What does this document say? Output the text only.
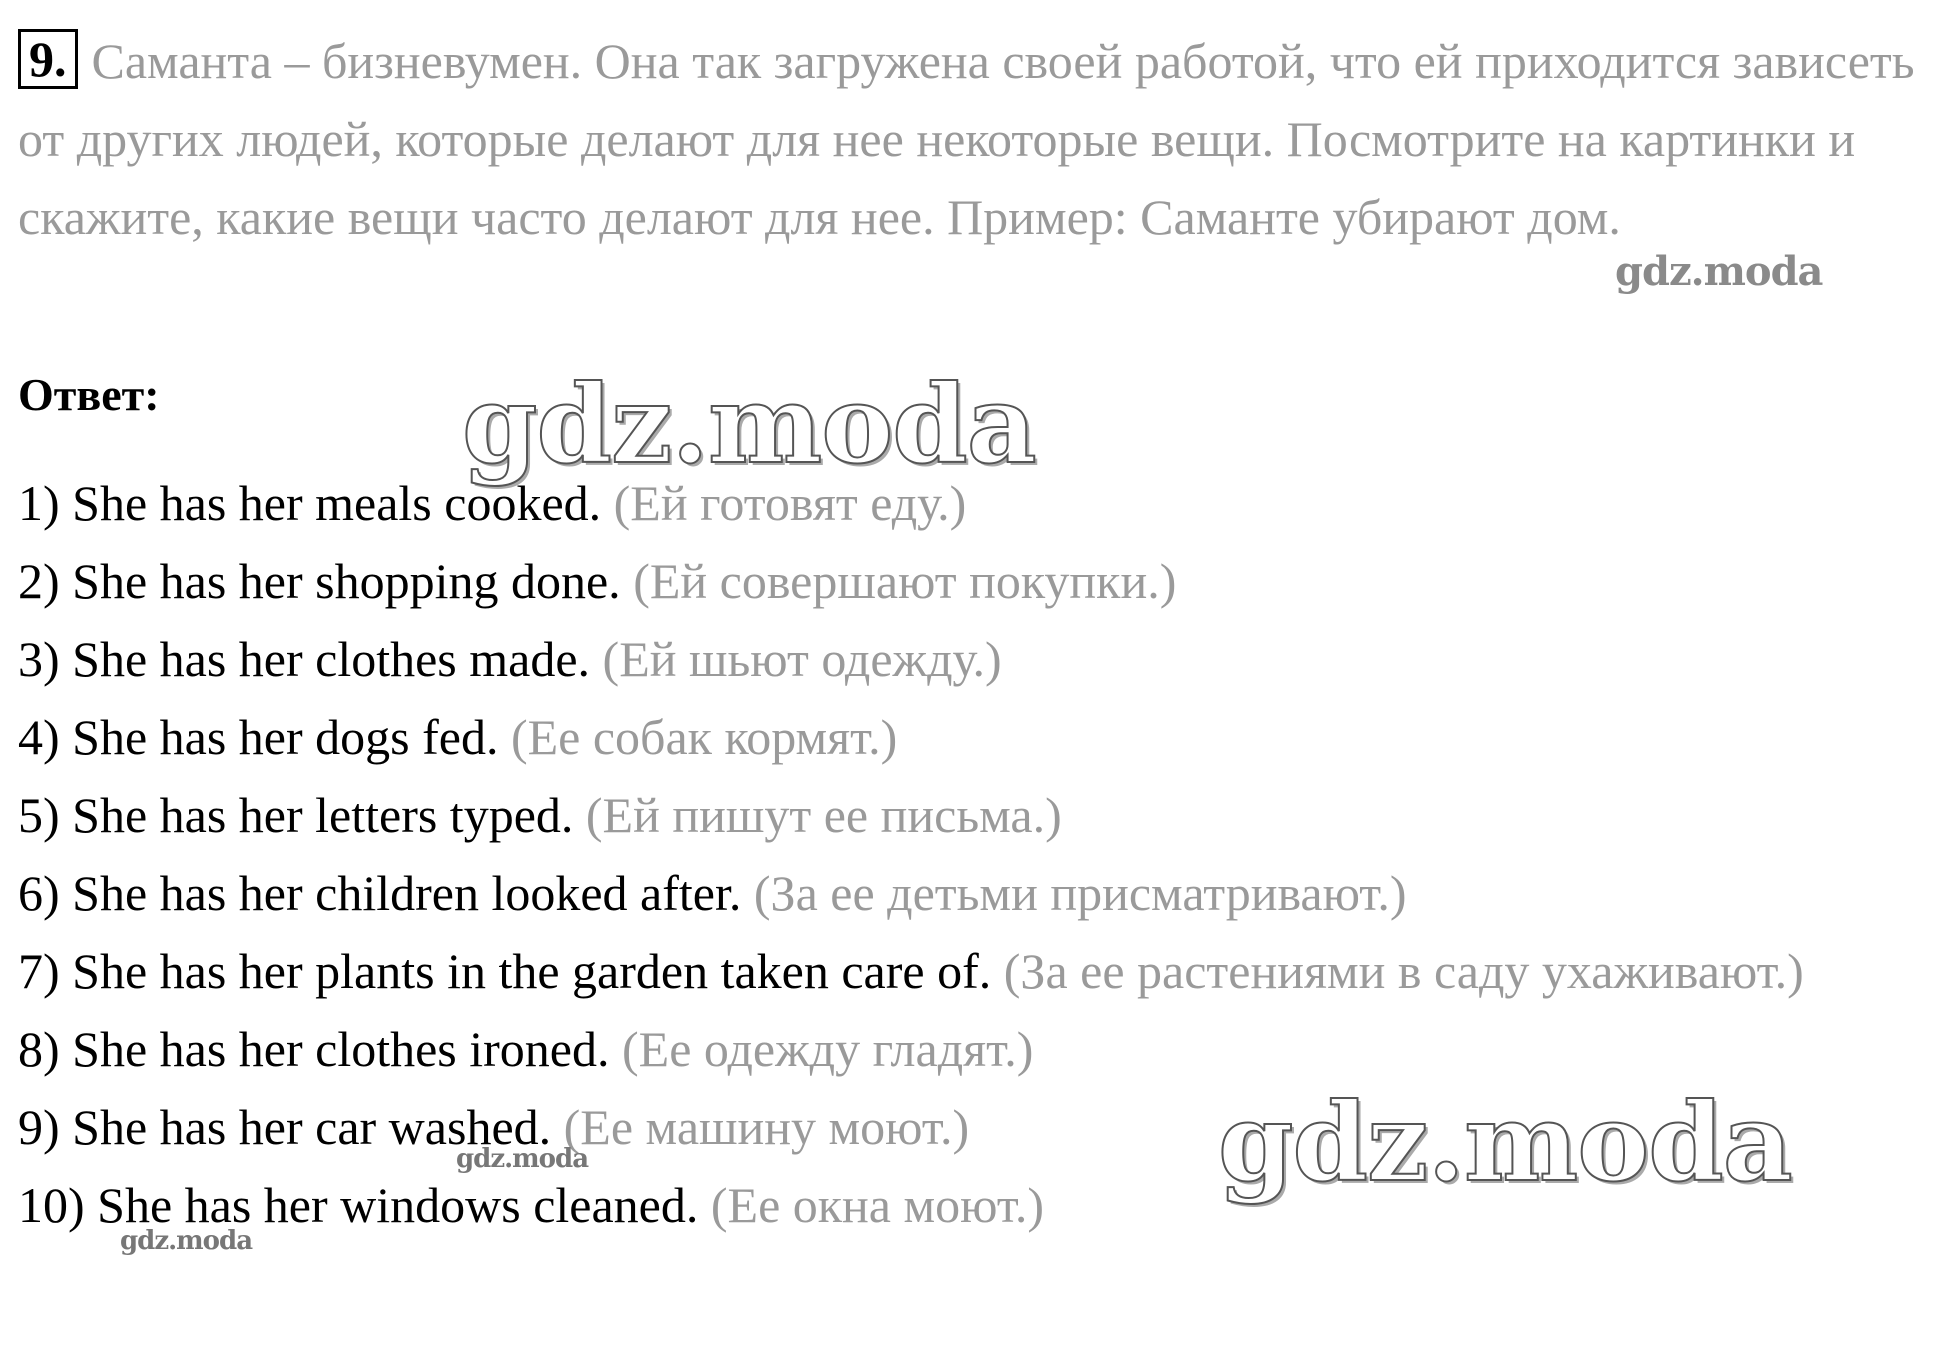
9. Саманта – бизневумен. Она так загружена своей работой, что ей приходится зависеть от других людей, которые делают для нее некоторые вещи. Посмотрите на картинки и скажите, какие вещи часто делают для нее. Пример: Саманте убирают дом.
Ответ:
1) She has her meals cooked. (Ей готовят еду.)
2) She has her shopping done. (Ей совершают покупки.)
3) She has her clothes made. (Ей шьют одежду.)
4) She has her dogs fed. (Ее собак кормят.)
5) She has her letters typed. (Ей пишут ее письма.)
6) She has her children looked after. (За ее детьми присматривают.)
7) She has her plants in the garden taken care of. (За ее растениями в саду ухаживают.)
8) She has her clothes ironed. (Ее одежду гладят.)
9) She has her car washed. (Ее машину моют.)
10) She has her windows cleaned. (Ее окна моют.)
gdz.moda
gdz.moda
gdz.moda
gdz.moda
gdz.moda
